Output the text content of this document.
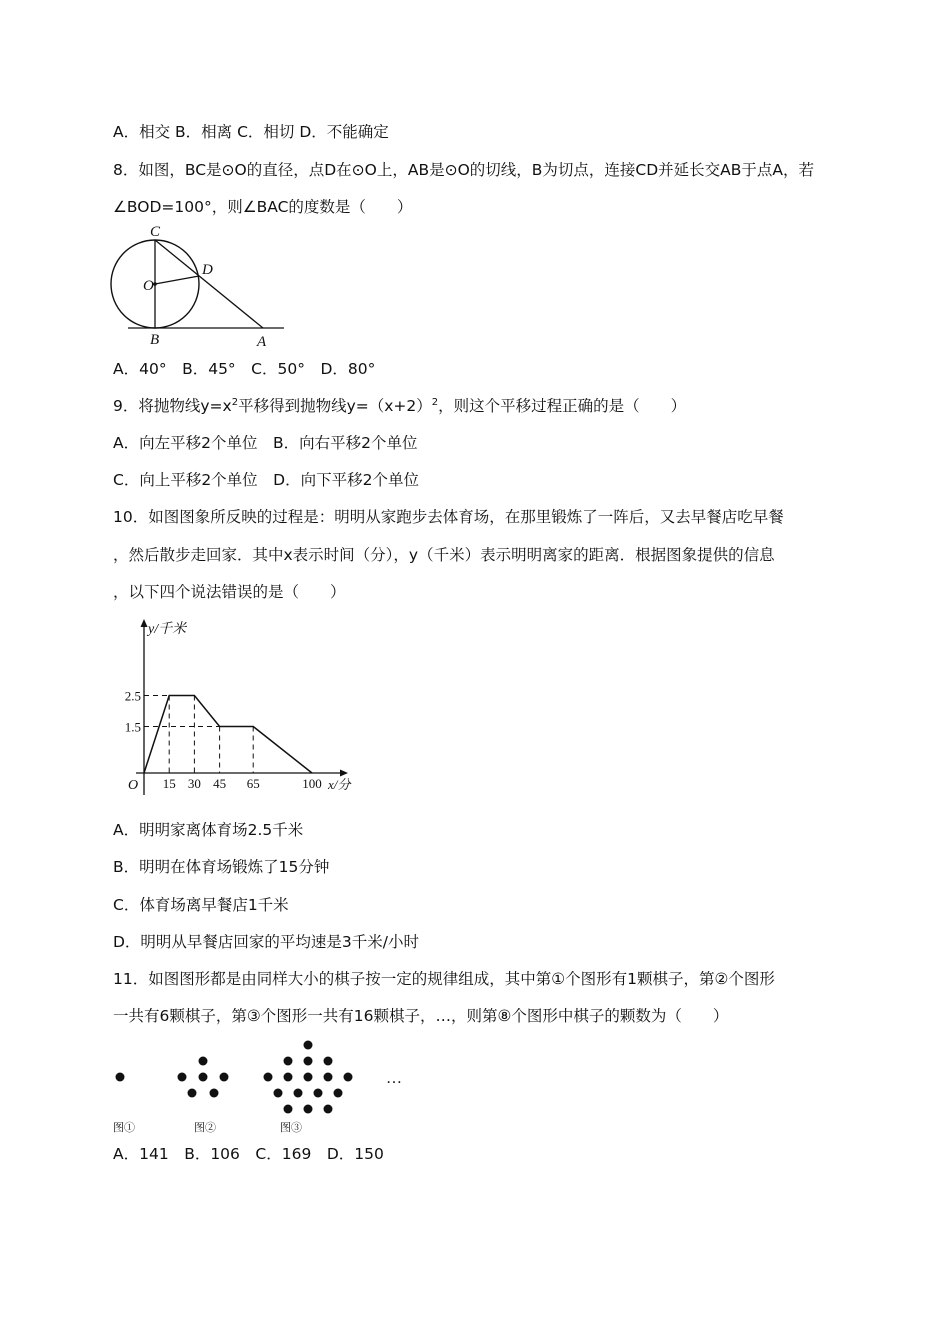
A．相交 B．相离 C．相切 D．不能确定
8．如图，BC是⊙O的直径，点D在⊙O上，AB是⊙O的切线，B为切点，连接CD并延长交AB于点A，若
∠BOD=100°，则∠BAC的度数是（　　）
C
O
D
B	A
A．40°　B．45°　C．50°　D．80°
9．将抛物线$y=x^2$平移得到抛物线$y=(x+2)^2$，则这个平移过程正确的是（　　）
A．向左平移2个单位　B．向右平移2个单位
C．向上平移2个单位　D．向下平移2个单位
10．如图图象所反映的过程是：明明从家跑步去体育场，在那里锻炼了一阵后，又去早餐店吃早餐
，然后散步走回家．其中x表示时间（分），y（千米）表示明明离家的距离．根据图象提供的信息
，以下四个说法错误的是（　　）
y/千米
x/分
O 15 30 45 65	100
2.5
1.5
A．明明家离体育场2.5千米
B．明明在体育场锻炼了15分钟
C．体育场离早餐店1千米
D．明明从早餐店回家的平均速是3千米/小时
11．如图图形都是由同样大小的棋子按一定的规律组成，其中第①个图形有1颗棋子，第②个图形
一共有6颗棋子，第③个图形一共有16颗棋子，…，则第⑧个图形中棋子的颗数为（　　）
…
图①	图②	图③
A．141　B．106　C．169　D．150
